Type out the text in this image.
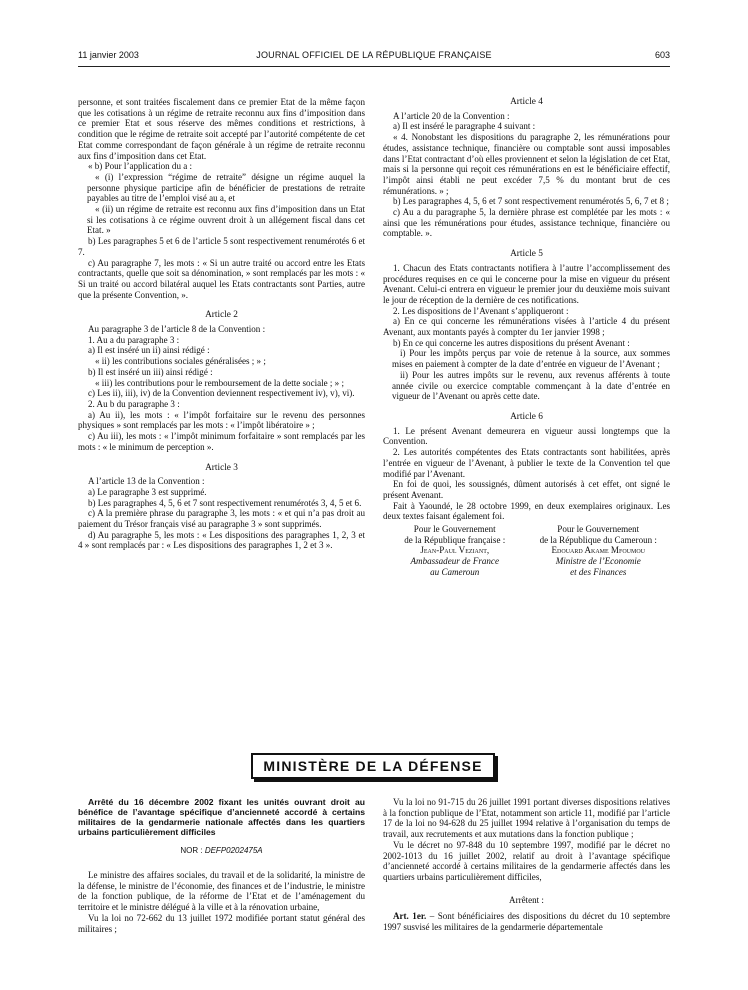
11 janvier 2003	JOURNAL OFFICIEL DE LA RÉPUBLIQUE FRANÇAISE	603

personne, et sont traitées fiscalement dans ce premier Etat de la même façon que les cotisations à un régime de retraite reconnu aux fins d’imposition dans ce premier Etat et sous réserve des mêmes conditions et restrictions, à condition que le régime de retraite soit accepté par l’autorité compétente de cet Etat comme correspondant de façon générale à un régime de retraite reconnu aux fins d’imposition dans cet Etat.

« b) Pour l’application du a :

« (i) l’expression “régime de retraite” désigne un régime auquel la personne physique participe afin de bénéficier de prestations de retraite payables au titre de l’emploi visé au a, et

« (ii) un régime de retraite est reconnu aux fins d’imposition dans un Etat si les cotisations à ce régime ouvrent droit à un allégement fiscal dans cet Etat. »

b) Les paragraphes 5 et 6 de l’article 5 sont respectivement renumérotés 6 et 7.

c) Au paragraphe 7, les mots : « Si un autre traité ou accord entre les Etats contractants, quelle que soit sa dénomination, » sont remplacés par les mots : « Si un traité ou accord bilatéral auquel les Etats contractants sont Parties, autre que la présente Convention, ».

Article 2

Au paragraphe 3 de l’article 8 de la Convention :

1. Au a du paragraphe 3 :

a) Il est inséré un ii) ainsi rédigé :

« ii) les contributions sociales généralisées ; » ;

b) Il est inséré un iii) ainsi rédigé :

« iii) les contributions pour le remboursement de la dette sociale ; » ;

c) Les ii), iii), iv) de la Convention deviennent respectivement iv), v), vi).

2. Au b du paragraphe 3 :

a) Au ii), les mots : « l’impôt forfaitaire sur le revenu des personnes physiques » sont remplacés par les mots : « l’impôt libératoire » ;

c) Au iii), les mots : « l’impôt minimum forfaitaire » sont remplacés par les mots : « le minimum de perception ».

Article 3

A l’article 13 de la Convention :

a) Le paragraphe 3 est supprimé.

b) Les paragraphes 4, 5, 6 et 7 sont respectivement renumérotés 3, 4, 5 et 6.

c) A la première phrase du paragraphe 3, les mots : « et qui n’a pas droit au paiement du Trésor français visé au paragraphe 3 » sont supprimés.

d) Au paragraphe 5, les mots : « Les dispositions des paragraphes 1, 2, 3 et 4 » sont remplacés par : « Les dispositions des paragraphes 1, 2 et 3 ».

Article 4

A l’article 20 de la Convention :

a) Il est inséré le paragraphe 4 suivant :

« 4. Nonobstant les dispositions du paragraphe 2, les rémunérations pour études, assistance technique, financière ou comptable sont aussi imposables dans l’Etat contractant d’où elles proviennent et selon la législation de cet Etat, mais si la personne qui reçoit ces rémunérations en est le bénéficiaire effectif, l’impôt ainsi établi ne peut excéder 7,5 % du montant brut de ces rémunérations. » ;

b) Les paragraphes 4, 5, 6 et 7 sont respectivement renumérotés 5, 6, 7 et 8 ;

c) Au a du paragraphe 5, la dernière phrase est complétée par les mots : « ainsi que les rémunérations pour études, assistance technique, financière ou comptable. ».

Article 5

1. Chacun des Etats contractants notifiera à l’autre l’accomplissement des procédures requises en ce qui le concerne pour la mise en vigueur du présent Avenant. Celui-ci entrera en vigueur le premier jour du deuxième mois suivant le jour de réception de la dernière de ces notifications.

2. Les dispositions de l’Avenant s’appliqueront :

a) En ce qui concerne les rémunérations visées à l’article 4 du présent Avenant, aux montants payés à compter du 1er janvier 1998 ;

b) En ce qui concerne les autres dispositions du présent Avenant :

i) Pour les impôts perçus par voie de retenue à la source, aux sommes mises en paiement à compter de la date d’entrée en vigueur de l’Avenant ;

ii) Pour les autres impôts sur le revenu, aux revenus afférents à toute année civile ou exercice comptable commençant à la date d’entrée en vigueur de l’Avenant ou après cette date.

Article 6

1. Le présent Avenant demeurera en vigueur aussi longtemps que la Convention.

2. Les autorités compétentes des Etats contractants sont habilitées, après l’entrée en vigueur de l’Avenant, à publier le texte de la Convention tel que modifié par l’Avenant.

En foi de quoi, les soussignés, dûment autorisés à cet effet, ont signé le présent Avenant.

Fait à Yaoundé, le 28 octobre 1999, en deux exemplaires originaux. Les deux textes faisant également foi.

Pour le Gouvernement
de la République française :
Jean-Paul Veziant,
Ambassadeur de France
au Cameroun
Pour le Gouvernement
de la République du Cameroun :
Edouard Akame Mfoumou
Ministre de l’Economie
et des Finances
MINISTÈRE DE LA DÉFENSE

Arrêté du 16 décembre 2002 fixant les unités ouvrant droit au bénéfice de l’avantage spécifique d’ancienneté accordé à certains militaires de la gendarmerie nationale affectés dans les quartiers urbains particulièrement difficiles

NOR : DEFP0202475A

Le ministre des affaires sociales, du travail et de la solidarité, la ministre de la défense, le ministre de l’économie, des finances et de l’industrie, le ministre de la fonction publique, de la réforme de l’Etat et de l’aménagement du territoire et le ministre délégué à la ville et à la rénovation urbaine,

Vu la loi no 72-662 du 13 juillet 1972 modifiée portant statut général des militaires ;

Vu la loi no 91-715 du 26 juillet 1991 portant diverses dispositions relatives à la fonction publique de l’Etat, notamment son article 11, modifié par l’article 17 de la loi no 94-628 du 25 juillet 1994 relative à l’organisation du temps de travail, aux recrutements et aux mutations dans la fonction publique ;

Vu le décret no 97-848 du 10 septembre 1997, modifié par le décret no 2002-1013 du 16 juillet 2002, relatif au droit à l’avantage spécifique d’ancienneté accordé à certains militaires de la gendarmerie affectés dans les quartiers urbains particulièrement difficiles,

Arrêtent :

Art. 1er. – Sont bénéficiaires des dispositions du décret du 10 septembre 1997 susvisé les militaires de la gendarmerie départementale
